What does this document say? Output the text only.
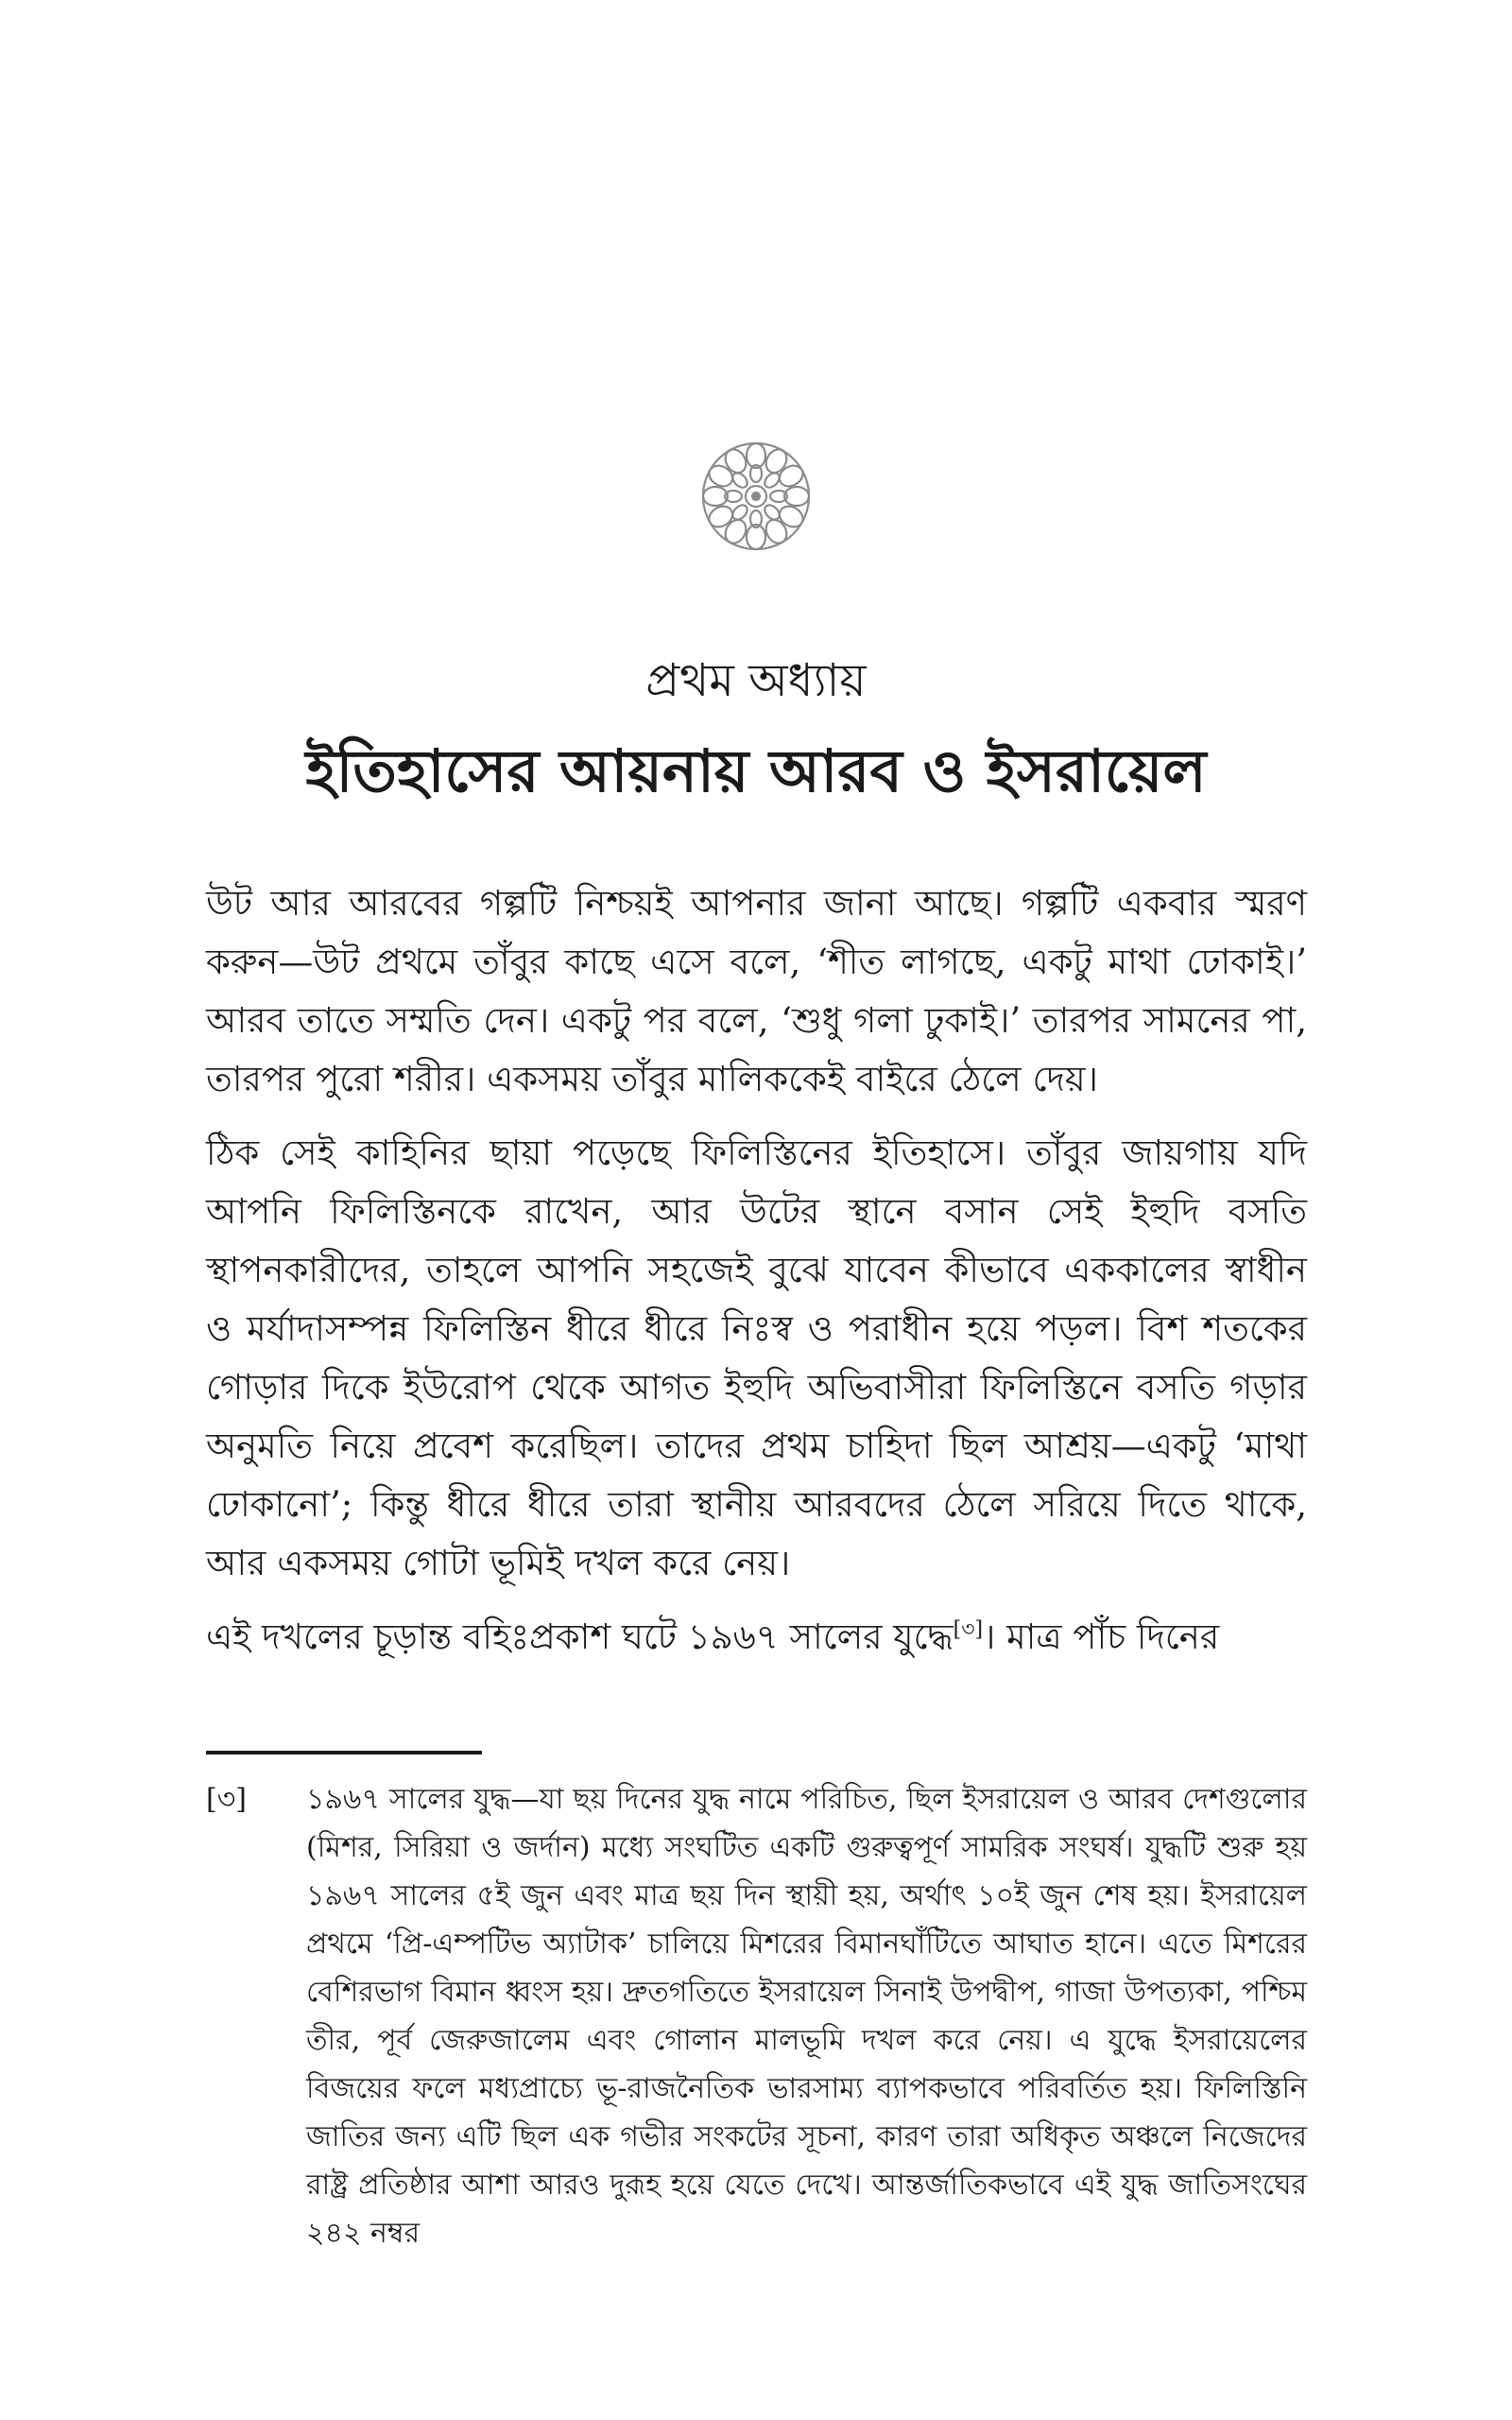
প্রথম অধ্যায়
ইতিহাসের আয়নায় আরব ও ইসরায়েল

উট আর আরবের গল্পটি নিশ্চয়ই আপনার জানা আছে। গল্পটি একবার স্মরণ করুন—উট প্রথমে তাঁবুর কাছে এসে বলে, ‘শীত লাগছে, একটু মাথা ঢোকাই।’ আরব তাতে সম্মতি দেন। একটু পর বলে, ‘শুধু গলা ঢুকাই।’ তারপর সামনের পা, তারপর পুরো শরীর। একসময় তাঁবুর মালিককেই বাইরে ঠেলে দেয়।

ঠিক সেই কাহিনির ছায়া পড়েছে ফিলিস্তিনের ইতিহাসে। তাঁবুর জায়গায় যদি আপনি ফিলিস্তিনকে রাখেন, আর উটের স্থানে বসান সেই ইহুদি বসতি স্থাপনকারীদের, তাহলে আপনি সহজেই বুঝে যাবেন কীভাবে এককালের স্বাধীন ও মর্যাদাসম্পন্ন ফিলিস্তিন ধীরে ধীরে নিঃস্ব ও পরাধীন হয়ে পড়ল। বিশ শতকের গোড়ার দিকে ইউরোপ থেকে আগত ইহুদি অভিবাসীরা ফিলিস্তিনে বসতি গড়ার অনুমতি নিয়ে প্রবেশ করেছিল। তাদের প্রথম চাহিদা ছিল আশ্রয়—একটু ‘মাথা ঢোকানো’; কিন্তু ধীরে ধীরে তারা স্থানীয় আরবদের ঠেলে সরিয়ে দিতে থাকে, আর একসময় গোটা ভূমিই দখল করে নেয়।

এই দখলের চূড়ান্ত বহিঃপ্রকাশ ঘটে ১৯৬৭ সালের যুদ্ধে[৩]। মাত্র পাঁচ দিনের

[৩] ১৯৬৭ সালের যুদ্ধ—যা ছয় দিনের যুদ্ধ নামে পরিচিত, ছিল ইসরায়েল ও আরব দেশগুলোর (মিশর, সিরিয়া ও জর্দান) মধ্যে সংঘটিত একটি গুরুত্বপূর্ণ সামরিক সংঘর্ষ। যুদ্ধটি শুরু হয় ১৯৬৭ সালের ৫ই জুন এবং মাত্র ছয় দিন স্থায়ী হয়, অর্থাৎ ১০ই জুন শেষ হয়। ইসরায়েল প্রথমে ‘প্রি-এম্পটিভ অ্যাটাক’ চালিয়ে মিশরের বিমানঘাঁটিতে আঘাত হানে। এতে মিশরের বেশিরভাগ বিমান ধ্বংস হয়। দ্রুতগতিতে ইসরায়েল সিনাই উপদ্বীপ, গাজা উপত্যকা, পশ্চিম তীর, পূর্ব জেরুজালেম এবং গোলান মালভূমি দখল করে নেয়। এ যুদ্ধে ইসরায়েলের বিজয়ের ফলে মধ্যপ্রাচ্যে ভূ-রাজনৈতিক ভারসাম্য ব্যাপকভাবে পরিবর্তিত হয়। ফিলিস্তিনি জাতির জন্য এটি ছিল এক গভীর সংকটের সূচনা, কারণ তারা অধিকৃত অঞ্চলে নিজেদের রাষ্ট্র প্রতিষ্ঠার আশা আরও দুরূহ হয়ে যেতে দেখে। আন্তর্জাতিকভাবে এই যুদ্ধ জাতিসংঘের ২৪২ নম্বর
